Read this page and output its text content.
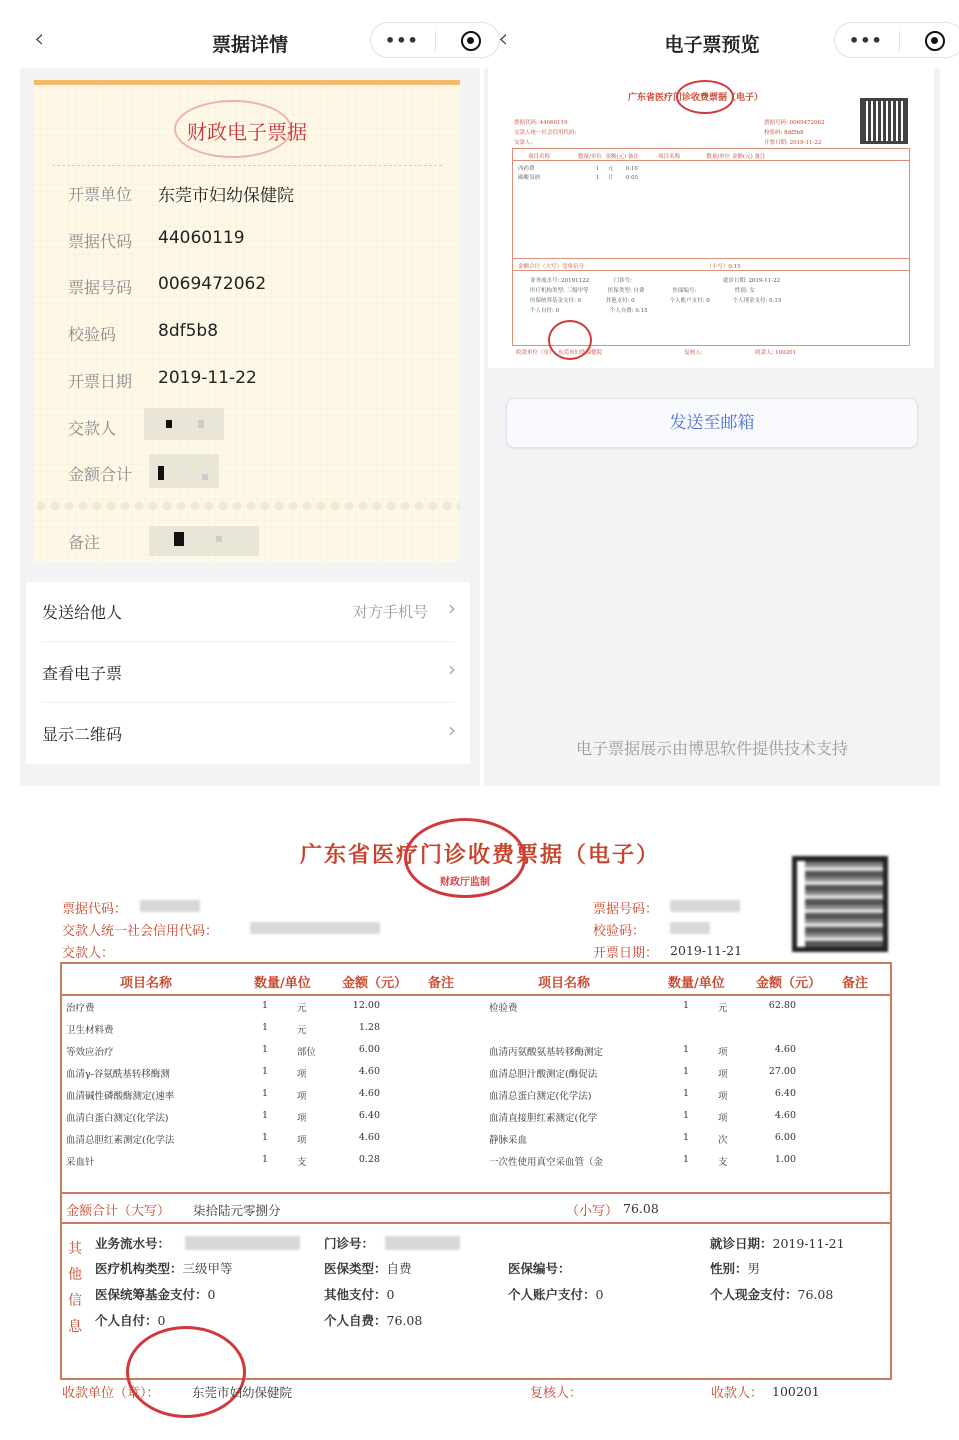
‹	票据详情	•••
财政电子票据
开票单位 东莞市妇幼保健院
票据代码 44060119
票据号码 0069472062
校验码 8df5b8
开票日期 2019-11-22
交款人
金额合计
备注
发送给他人	对方手机号 ›
查看电子票	›
显示二维码	›
‹	电子票预览	•••
广东省医疗门诊收费票据（电子）
票据代码: 44060119
交款人统一社会信用代码:
交款人:
票据号码: 0069472062
校验码: 8df5b8
开票日期: 2019-11-22
项目名称                数量/单位  金额(元) 备注           项目名称               数量/单位 金额(元) 备注
西药费                                   1     元       0.10
碳酸氢钠                                1     片       0.05
金额合计（大写）壹角伍分                                                                      （小写）0.15
业务流水号: 20191122              门诊号:                                                    就诊日期: 2019-11-22
医疗机构类型: 三级甲等           医保类型: 自费                医保编号:                      性别: 女
医保统筹基金支付: 0              其他支付: 0                    个人账户支付: 0             个人现金支付: 0.15
个人自付: 0                             个人自费: 0.15
收款单位（章）: 东莞市妇幼保健院                                               复核人:                              收款人: 100201
发送至邮箱
电子票据展示由博思软件提供技术支持
广东省医疗门诊收费票据（电子）
财政厅监制
票据代码：
交款人统一社会信用代码：
交款人：
票据号码：
校验码：
开票日期： 2019-11-21
项目名称	数量/单位 金额（元） 备注	项目名称	数量/单位 金额（元） 备注
治疗费	1	元	12.00
卫生材料费	1	元	1.28
等效应治疗	1	部位	6.00
血清γ-谷氨酰基转移酶测	1	项	4.60
血清碱性磷酸酶测定(速率	1	项	4.60
血清白蛋白测定(化学法)	1	项	6.40
血清总胆红素测定(化学法	1	项	4.60
采血针	1	支	0.28
检验费	1	元	62.80
血清丙氨酸氨基转移酶测定	1	项	4.60
血清总胆汁酸测定(酶促法	1	项	27.00
血清总蛋白测定(化学法)	1	项	6.40
血清直接胆红素测定(化学	1	项	4.60
静脉采血	1	次	6.00
一次性使用真空采血管（金	1	支	1.00
金额合计（大写） 柒拾陆元零捌分	（小写） 76.08
其他信息
业务流水号：	门诊号：	就诊日期：2019-11-21
医疗机构类型：三级甲等	医保类型：自费	医保编号：	性别：男
医保统筹基金支付：0	其他支付：0	个人账户支付：0	个人现金支付：76.08
个人自付：0	个人自费：76.08
收款单位（章）：	东莞市妇幼保健院	复核人：	收款人： 100201
